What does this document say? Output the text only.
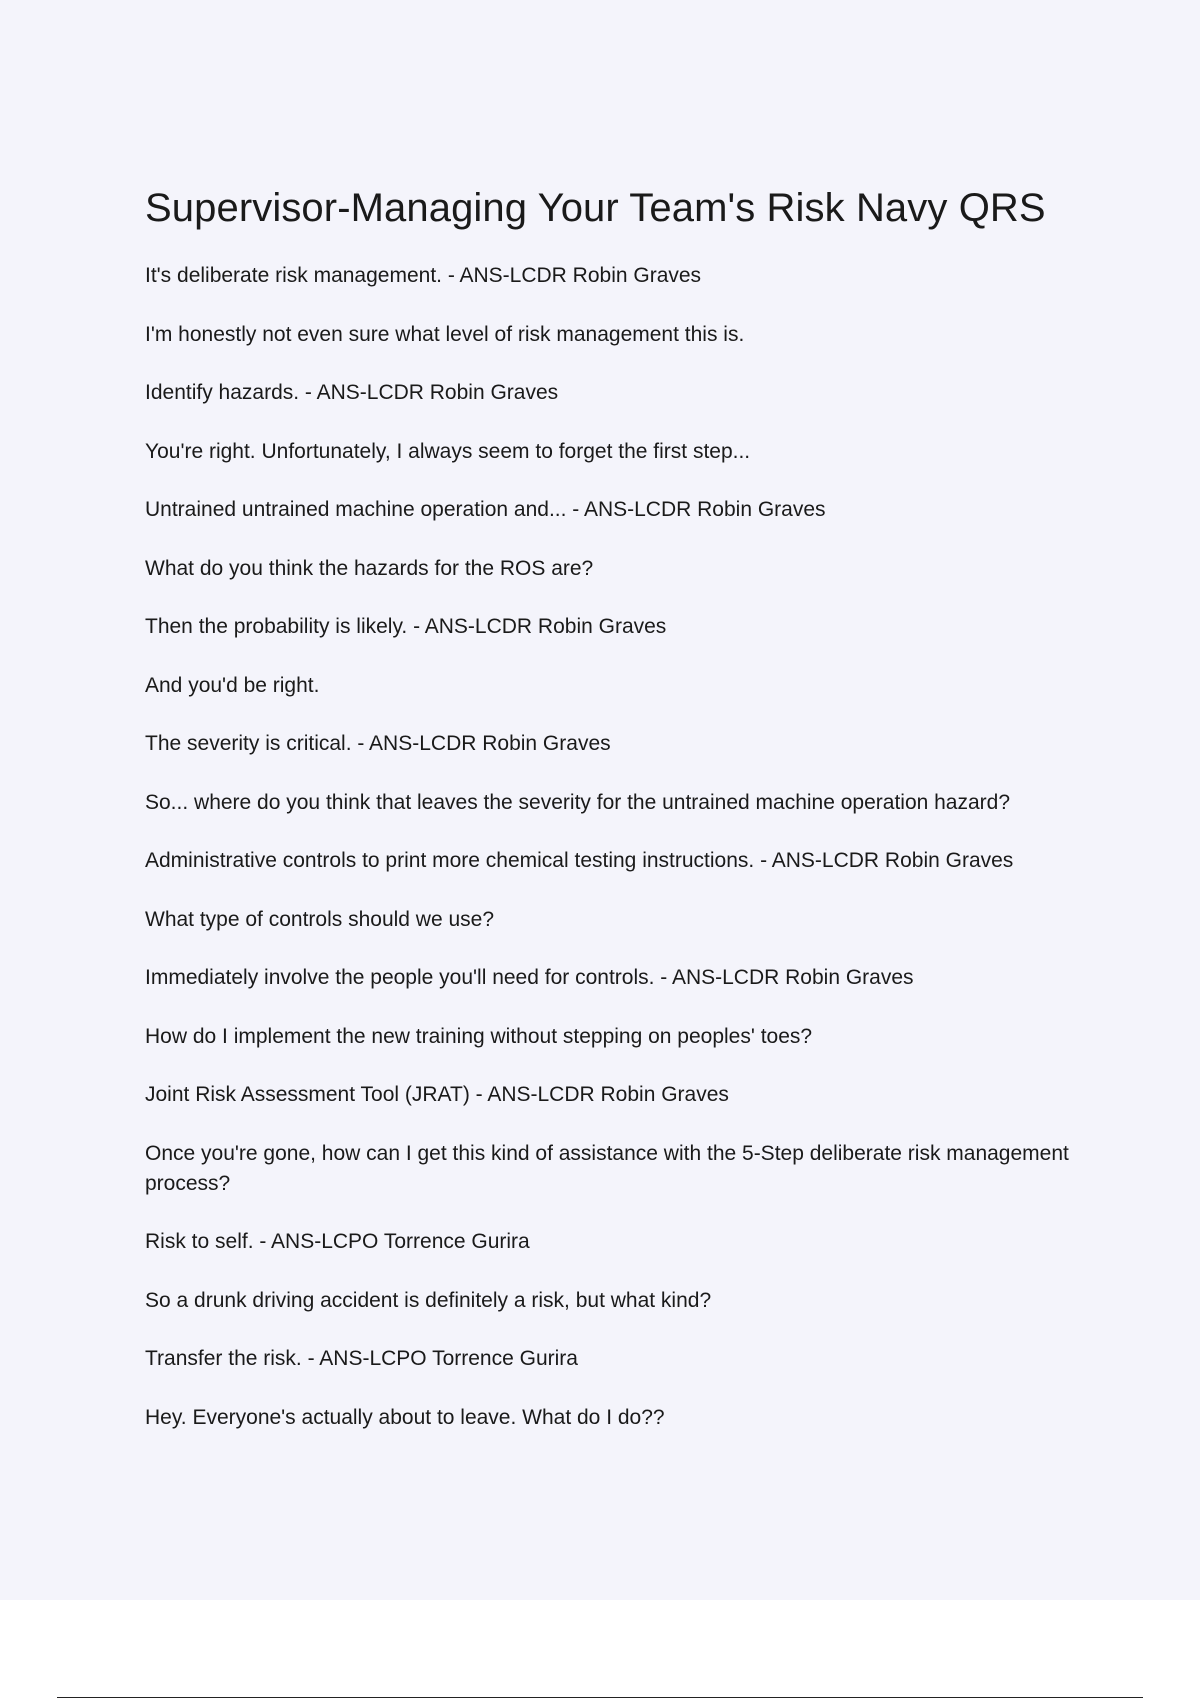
Supervisor-Managing Your Team's Risk Navy QRS
It's deliberate risk management. - ANS-LCDR Robin Graves
I'm honestly not even sure what level of risk management this is.
Identify hazards. - ANS-LCDR Robin Graves
You're right. Unfortunately, I always seem to forget the first step...
Untrained untrained machine operation and... - ANS-LCDR Robin Graves
What do you think the hazards for the ROS are?
Then the probability is likely. - ANS-LCDR Robin Graves
And you'd be right.
The severity is critical. - ANS-LCDR Robin Graves
So... where do you think that leaves the severity for the untrained machine operation hazard?
Administrative controls to print more chemical testing instructions. - ANS-LCDR Robin Graves
What type of controls should we use?
Immediately involve the people you'll need for controls. - ANS-LCDR Robin Graves
How do I implement the new training without stepping on peoples' toes?
Joint Risk Assessment Tool (JRAT) - ANS-LCDR Robin Graves
Once you're gone, how can I get this kind of assistance with the 5-Step deliberate risk management process?
Risk to self. - ANS-LCPO Torrence Gurira
So a drunk driving accident is definitely a risk, but what kind?
Transfer the risk. - ANS-LCPO Torrence Gurira
Hey. Everyone's actually about to leave. What do I do??
